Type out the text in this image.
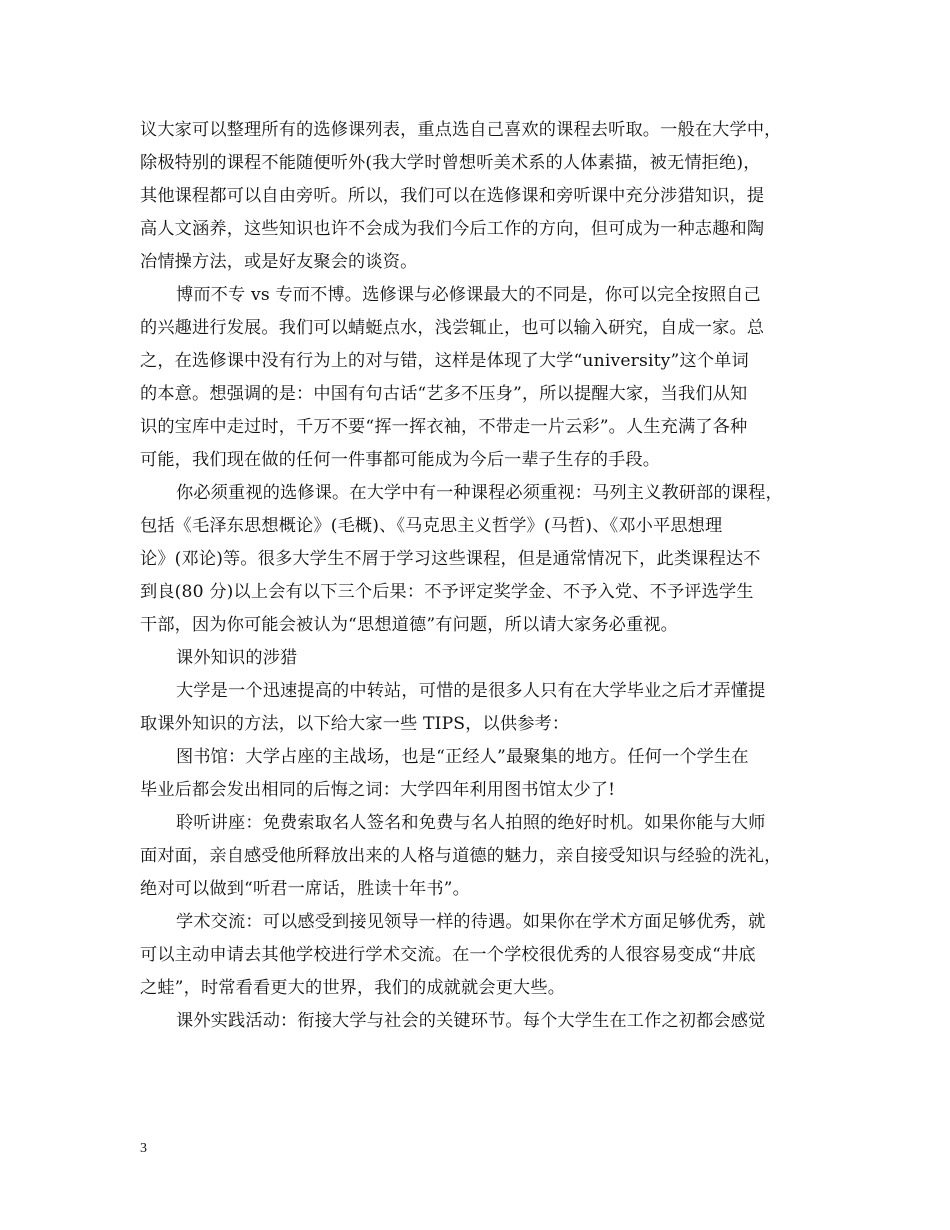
议大家可以整理所有的选修课列表，重点选自己喜欢的课程去听取。一般在大学中，
除极特别的课程不能随便听外(我大学时曾想听美术系的人体素描，被无情拒绝)，
其他课程都可以自由旁听。所以，我们可以在选修课和旁听课中充分涉猎知识，提
高人文涵养，这些知识也许不会成为我们今后工作的方向，但可成为一种志趣和陶
冶情操方法，或是好友聚会的谈资。
博而不专 vs 专而不博。选修课与必修课最大的不同是，你可以完全按照自己
的兴趣进行发展。我们可以蜻蜓点水，浅尝辄止，也可以输入研究，自成一家。总
之，在选修课中没有行为上的对与错，这样是体现了大学“university”这个单词
的本意。想强调的是：中国有句古话“艺多不压身”，所以提醒大家，当我们从知
识的宝库中走过时，千万不要“挥一挥衣袖，不带走一片云彩”。人生充满了各种
可能，我们现在做的任何一件事都可能成为今后一辈子生存的手段。
你必须重视的选修课。在大学中有一种课程必须重视：马列主义教研部的课程，
包括《毛泽东思想概论》(毛概)、《马克思主义哲学》(马哲)、《邓小平思想理
论》(邓论)等。很多大学生不屑于学习这些课程，但是通常情况下，此类课程达不
到良(80 分)以上会有以下三个后果：不予评定奖学金、不予入党、不予评选学生
干部，因为你可能会被认为“思想道德”有问题，所以请大家务必重视。
课外知识的涉猎
大学是一个迅速提高的中转站，可惜的是很多人只有在大学毕业之后才弄懂提
取课外知识的方法，以下给大家一些 TIPS，以供参考：
图书馆：大学占座的主战场，也是“正经人”最聚集的地方。任何一个学生在
毕业后都会发出相同的后悔之词：大学四年利用图书馆太少了!
聆听讲座：免费索取名人签名和免费与名人拍照的绝好时机。如果你能与大师
面对面，亲自感受他所释放出来的人格与道德的魅力，亲自接受知识与经验的洗礼，
绝对可以做到“听君一席话，胜读十年书”。
学术交流：可以感受到接见领导一样的待遇。如果你在学术方面足够优秀，就
可以主动申请去其他学校进行学术交流。在一个学校很优秀的人很容易变成“井底
之蛙”，时常看看更大的世界，我们的成就就会更大些。
课外实践活动：衔接大学与社会的关键环节。每个大学生在工作之初都会感觉
3
